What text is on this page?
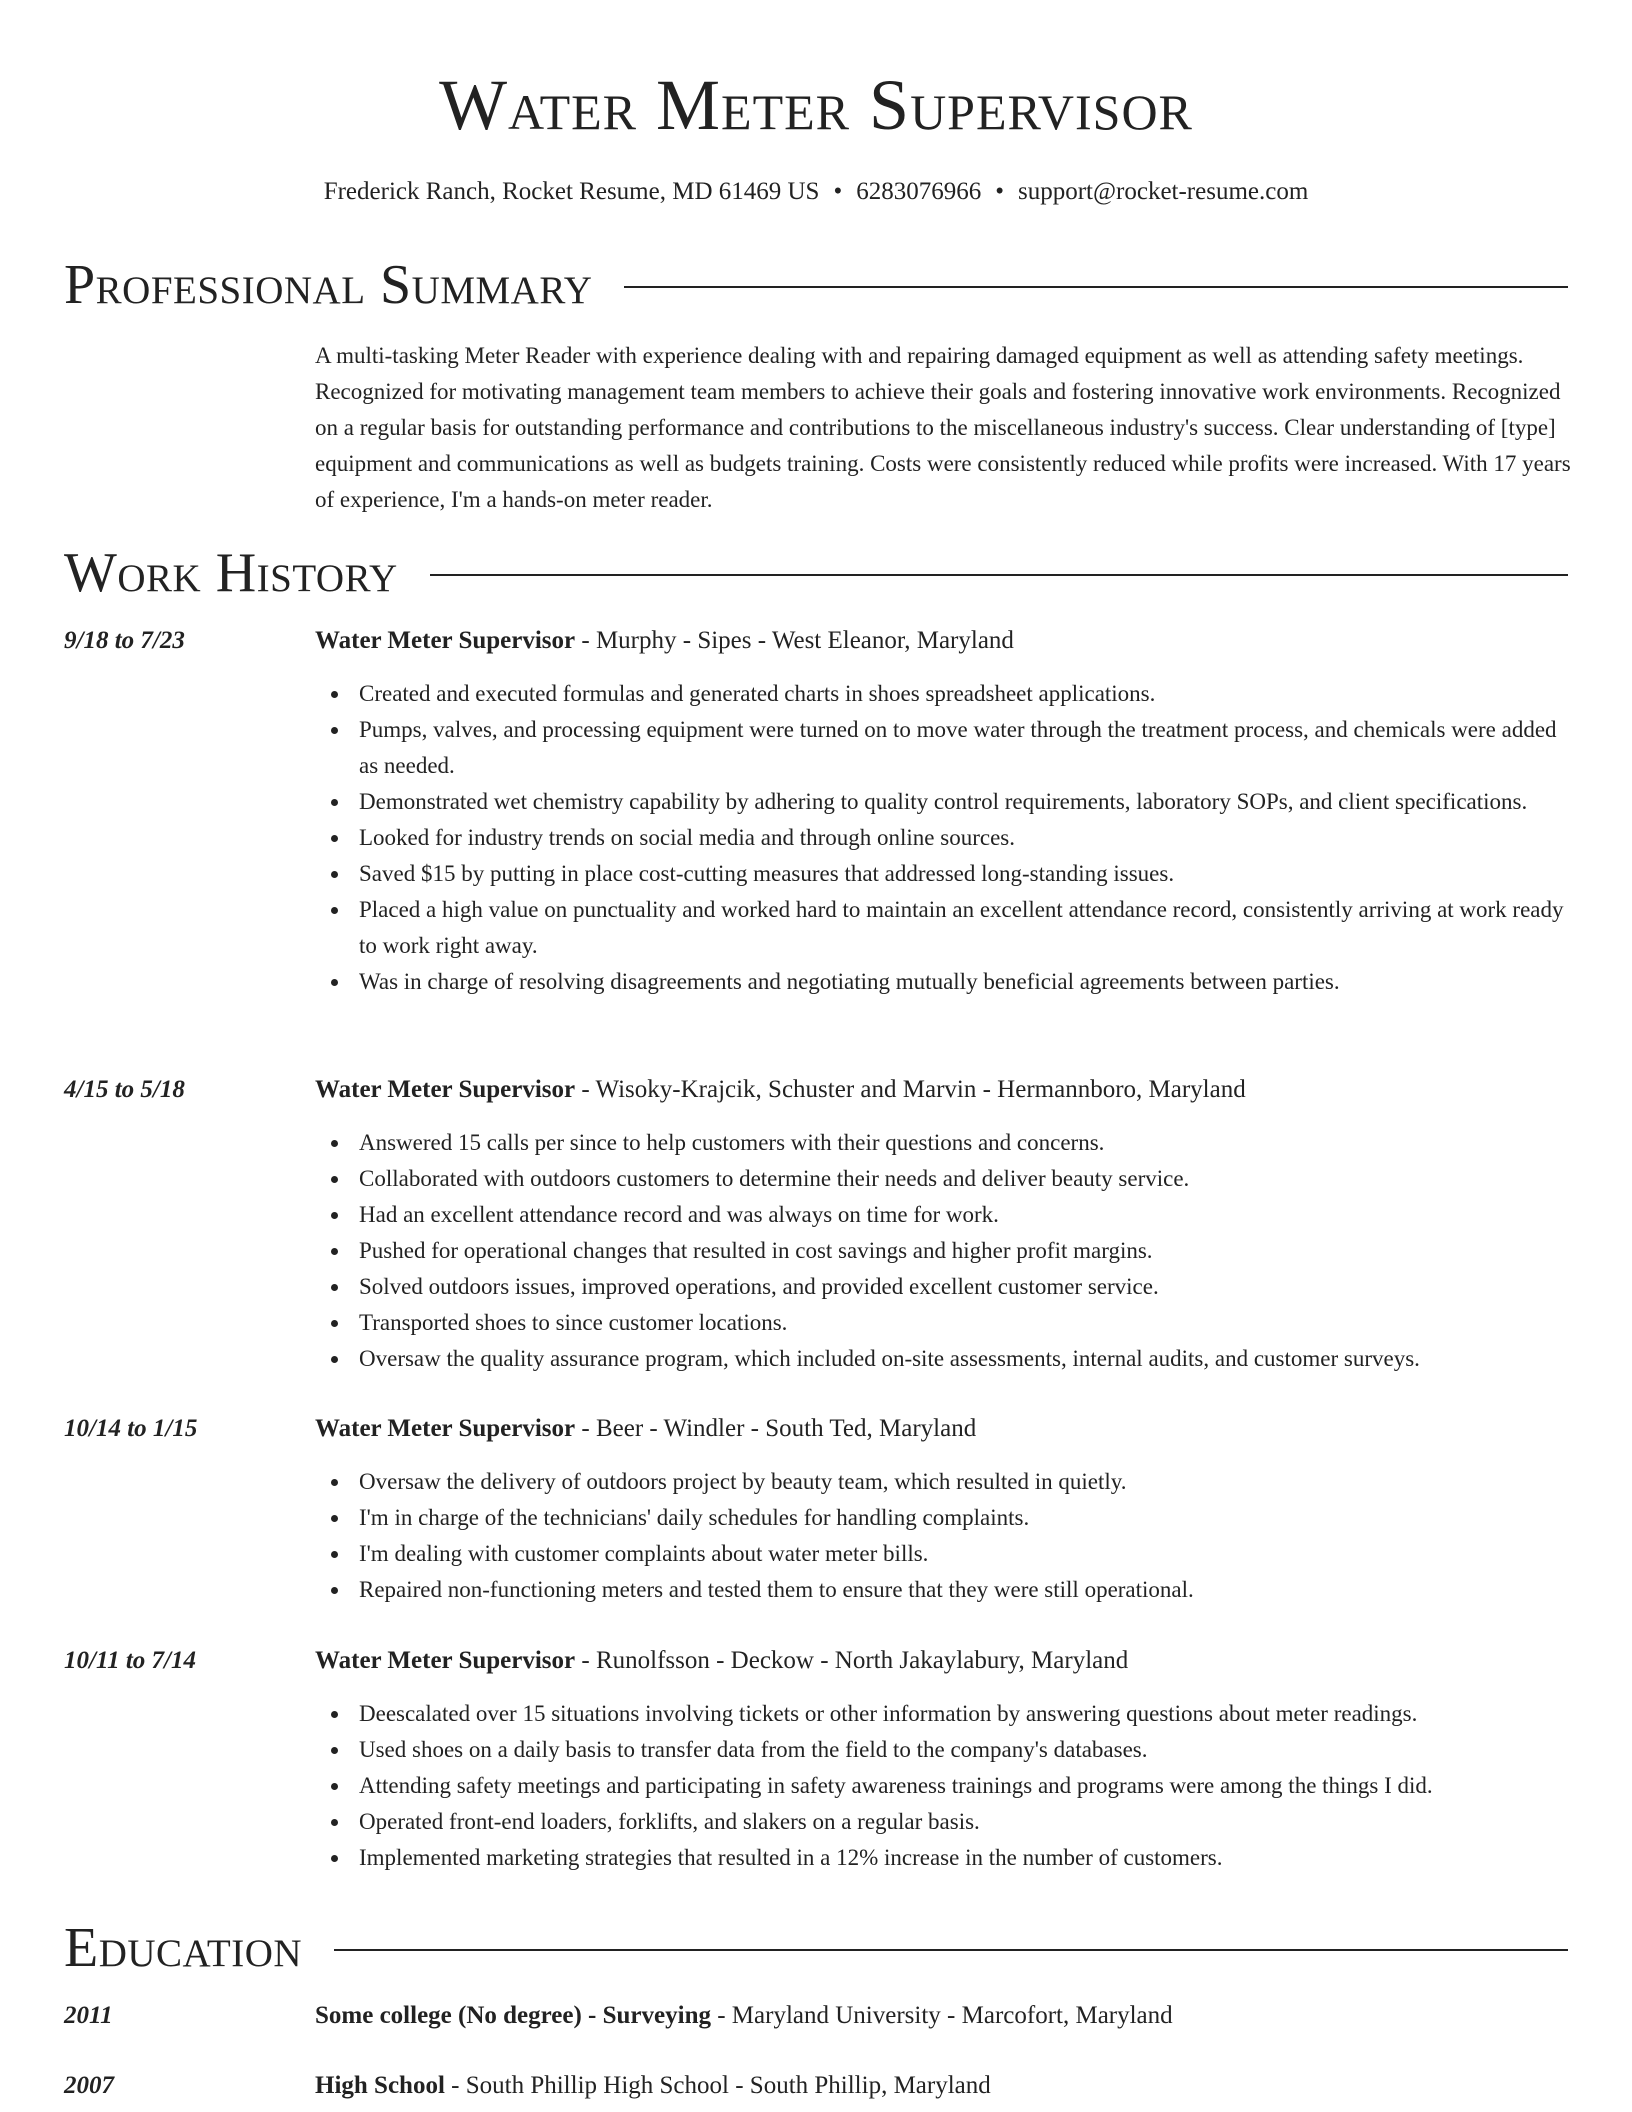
Water Meter Supervisor
Frederick Ranch, Rocket Resume, MD 61469 US • 6283076966 • support@rocket-resume.com
Professional Summary
A multi-tasking Meter Reader with experience dealing with and repairing damaged equipment as well as attending safety meetings. Recognized for motivating management team members to achieve their goals and fostering innovative work environments. Recognized on a regular basis for outstanding performance and contributions to the miscellaneous industry's success. Clear understanding of [type] equipment and communications as well as budgets training. Costs were consistently reduced while profits were increased. With 17 years of experience, I'm a hands-on meter reader.
Work History
9/18 to 7/23	Water Meter Supervisor - Murphy - Sipes - West Eleanor, Maryland
Created and executed formulas and generated charts in shoes spreadsheet applications.
Pumps, valves, and processing equipment were turned on to move water through the treatment process, and chemicals were added as needed.
Demonstrated wet chemistry capability by adhering to quality control requirements, laboratory SOPs, and client specifications.
Looked for industry trends on social media and through online sources.
Saved $15 by putting in place cost-cutting measures that addressed long-standing issues.
Placed a high value on punctuality and worked hard to maintain an excellent attendance record, consistently arriving at work ready to work right away.
Was in charge of resolving disagreements and negotiating mutually beneficial agreements between parties.
4/15 to 5/18	Water Meter Supervisor - Wisoky-Krajcik, Schuster and Marvin - Hermannboro, Maryland
Answered 15 calls per since to help customers with their questions and concerns.
Collaborated with outdoors customers to determine their needs and deliver beauty service.
Had an excellent attendance record and was always on time for work.
Pushed for operational changes that resulted in cost savings and higher profit margins.
Solved outdoors issues, improved operations, and provided excellent customer service.
Transported shoes to since customer locations.
Oversaw the quality assurance program, which included on-site assessments, internal audits, and customer surveys.
10/14 to 1/15	Water Meter Supervisor - Beer - Windler - South Ted, Maryland
Oversaw the delivery of outdoors project by beauty team, which resulted in quietly.
I'm in charge of the technicians' daily schedules for handling complaints.
I'm dealing with customer complaints about water meter bills.
Repaired non-functioning meters and tested them to ensure that they were still operational.
10/11 to 7/14	Water Meter Supervisor - Runolfsson - Deckow - North Jakaylabury, Maryland
Deescalated over 15 situations involving tickets or other information by answering questions about meter readings.
Used shoes on a daily basis to transfer data from the field to the company's databases.
Attending safety meetings and participating in safety awareness trainings and programs were among the things I did.
Operated front-end loaders, forklifts, and slakers on a regular basis.
Implemented marketing strategies that resulted in a 12% increase in the number of customers.
Education
2011	Some college (No degree) - Surveying - Maryland University - Marcofort, Maryland
2007	High School - South Phillip High School - South Phillip, Maryland
